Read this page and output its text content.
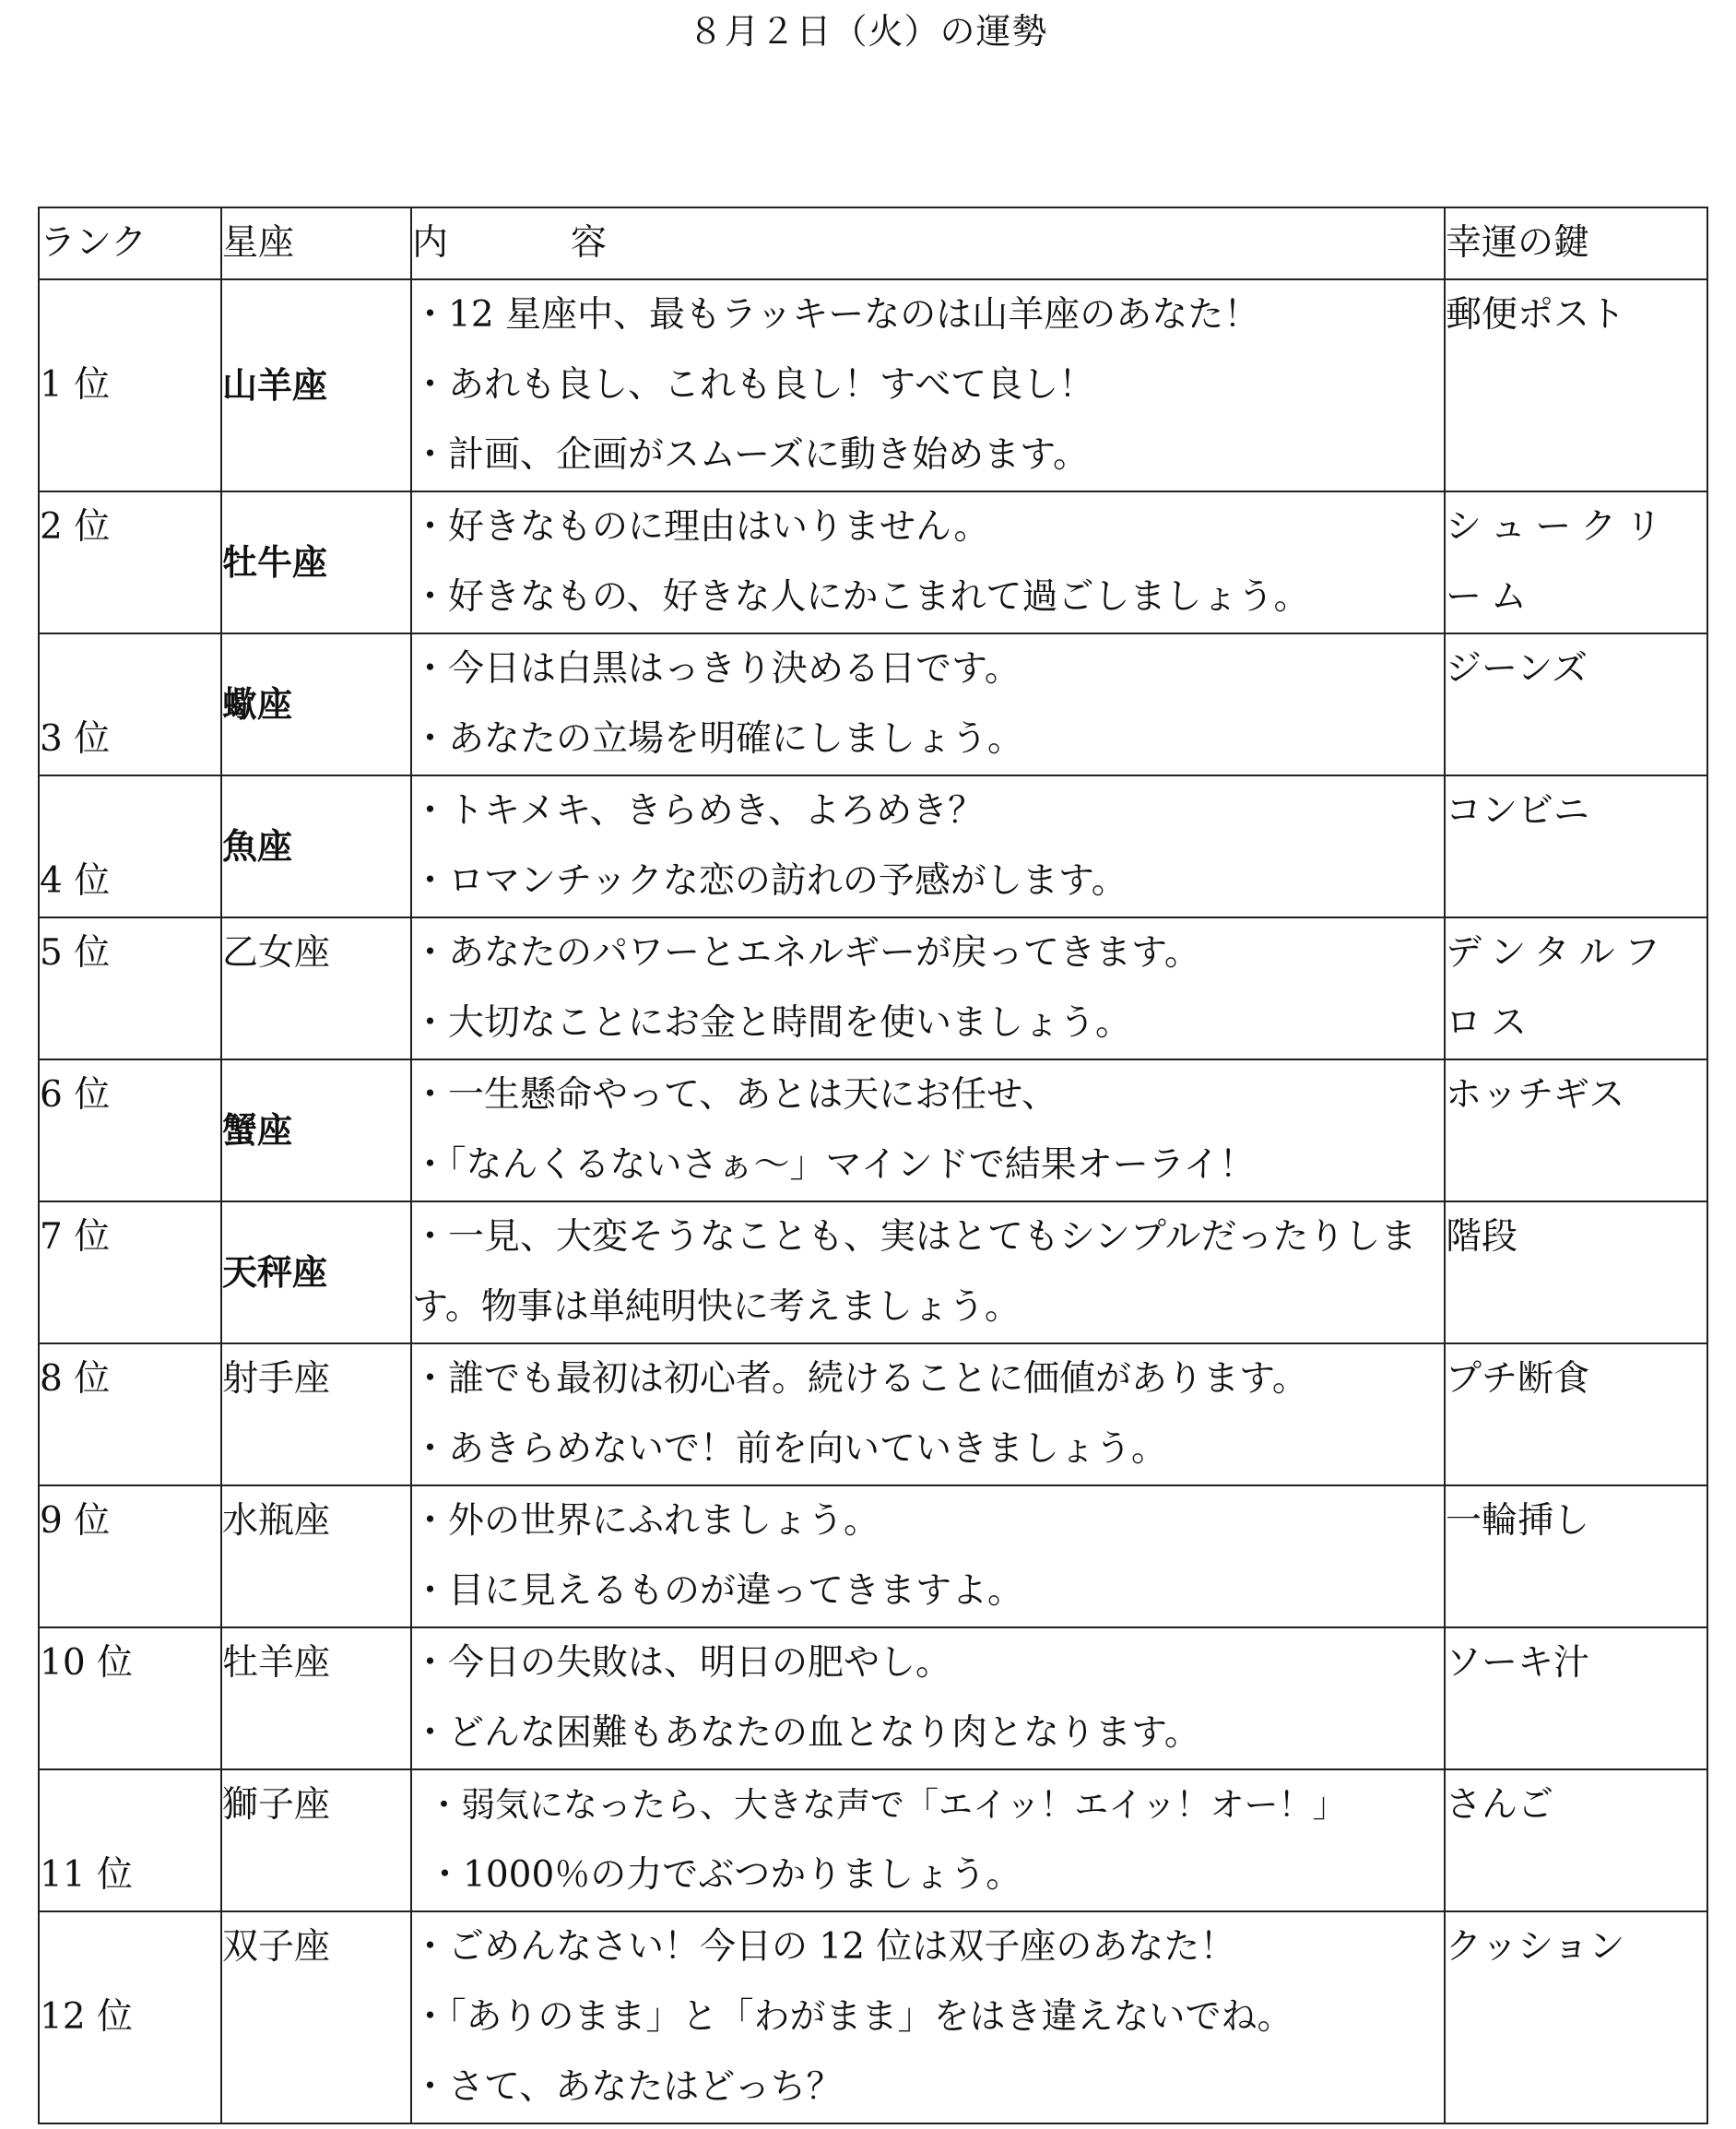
８月２日（火）の運勢
ランク	星座	内　　　容	幸運の鍵
1 位	山羊座	・12 星座中、最もラッキーなのは山羊座のあなた！
・あれも良し、これも良し！すべて良し！
・計画、企画がスムーズに動き始めます。	郵便ポスト
2 位	牡牛座	・好きなものに理由はいりません。
・好きなもの、好きな人にかこまれて過ごしましょう。	シュークリーム
3 位	蠍座	・今日は白黒はっきり決める日です。
・あなたの立場を明確にしましょう。	ジーンズ
4 位	魚座	・トキメキ、きらめき、よろめき？
・ロマンチックな恋の訪れの予感がします。	コンビニ
5 位	乙女座	・あなたのパワーとエネルギーが戻ってきます。
・大切なことにお金と時間を使いましょう。	デンタルフロス
6 位	蟹座	・一生懸命やって、あとは天にお任せ、
・「なんくるないさぁ～」マインドで結果オーライ！	ホッチギス
7 位	天秤座	・一見、大変そうなことも、実はとてもシンプルだったりします。物事は単純明快に考えましょう。	階段
8 位	射手座	・誰でも最初は初心者。続けることに価値があります。
・あきらめないで！前を向いていきましょう。	プチ断食
9 位	水瓶座	・外の世界にふれましょう。
・目に見えるものが違ってきますよ。	一輪挿し
10 位	牡羊座	・今日の失敗は、明日の肥やし。
・どんな困難もあなたの血となり肉となります。	ソーキ汁
11 位	獅子座	・弱気になったら、大きな声で「エイッ！エイッ！オー！」
・1000％の力でぶつかりましょう。	さんご
12 位	双子座	・ごめんなさい！今日の 12 位は双子座のあなた！
・「ありのまま」と「わがまま」をはき違えないでね。
・さて、あなたはどっち？	クッション
